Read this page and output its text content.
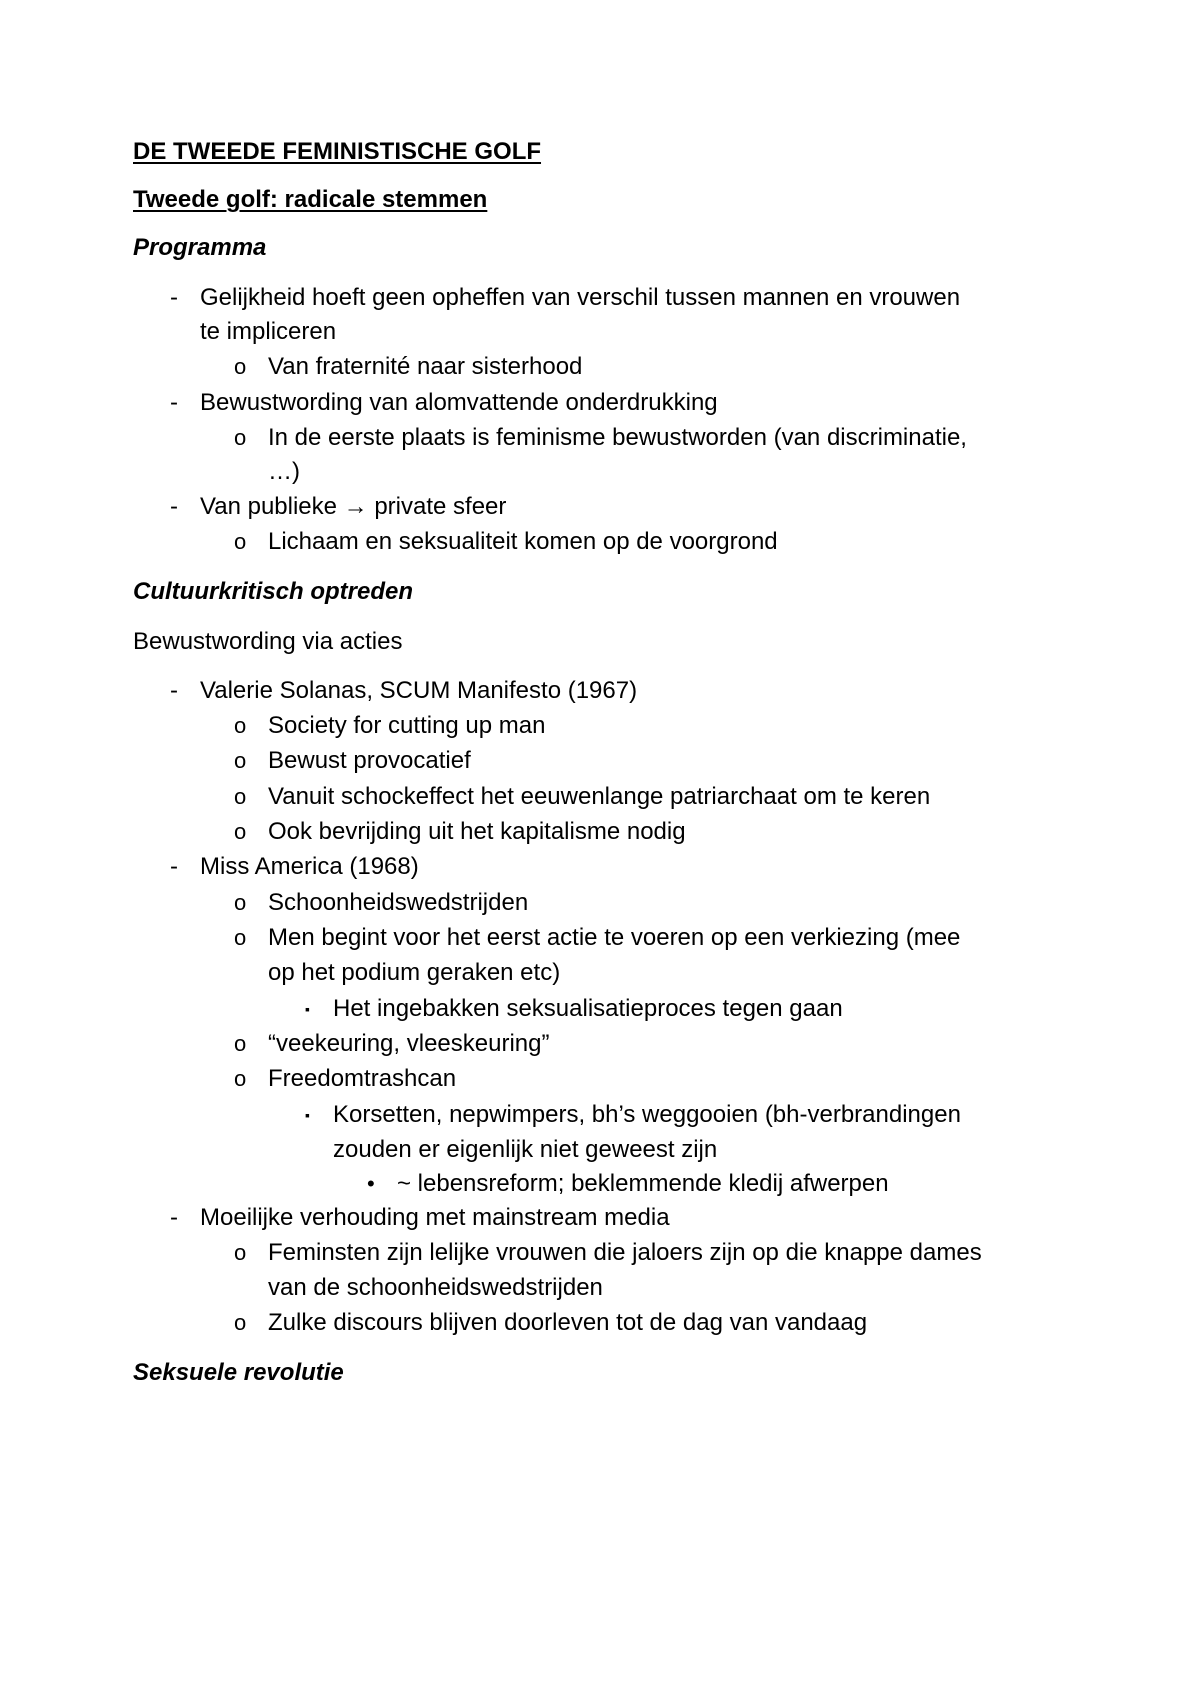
DE TWEEDE FEMINISTISCHE GOLF
Tweede golf: radicale stemmen
Programma
- Gelijkheid hoeft geen opheffen van verschil tussen mannen en vrouwen
te impliceren
o Van fraternité naar sisterhood
- Bewustwording van alomvattende onderdrukking
o In de eerste plaats is feminisme bewustworden (van discriminatie,
…)
- Van publieke → private sfeer
o Lichaam en seksualiteit komen op de voorgrond
Cultuurkritisch optreden
Bewustwording via acties
- Valerie Solanas, SCUM Manifesto (1967)
o Society for cutting up man
o Bewust provocatief
o Vanuit schockeffect het eeuwenlange patriarchaat om te keren
o Ook bevrijding uit het kapitalisme nodig
- Miss America (1968)
o Schoonheidswedstrijden
o Men begint voor het eerst actie te voeren op een verkiezing (mee
op het podium geraken etc)
▪ Het ingebakken seksualisatieproces tegen gaan
o “veekeuring, vleeskeuring”
o Freedomtrashcan
▪ Korsetten, nepwimpers, bh’s weggooien (bh-verbrandingen
zouden er eigenlijk niet geweest zijn
• ~ lebensreform; beklemmende kledij afwerpen
- Moeilijke verhouding met mainstream media
o Feminsten zijn lelijke vrouwen die jaloers zijn op die knappe dames
van de schoonheidswedstrijden
o Zulke discours blijven doorleven tot de dag van vandaag
Seksuele revolutie
